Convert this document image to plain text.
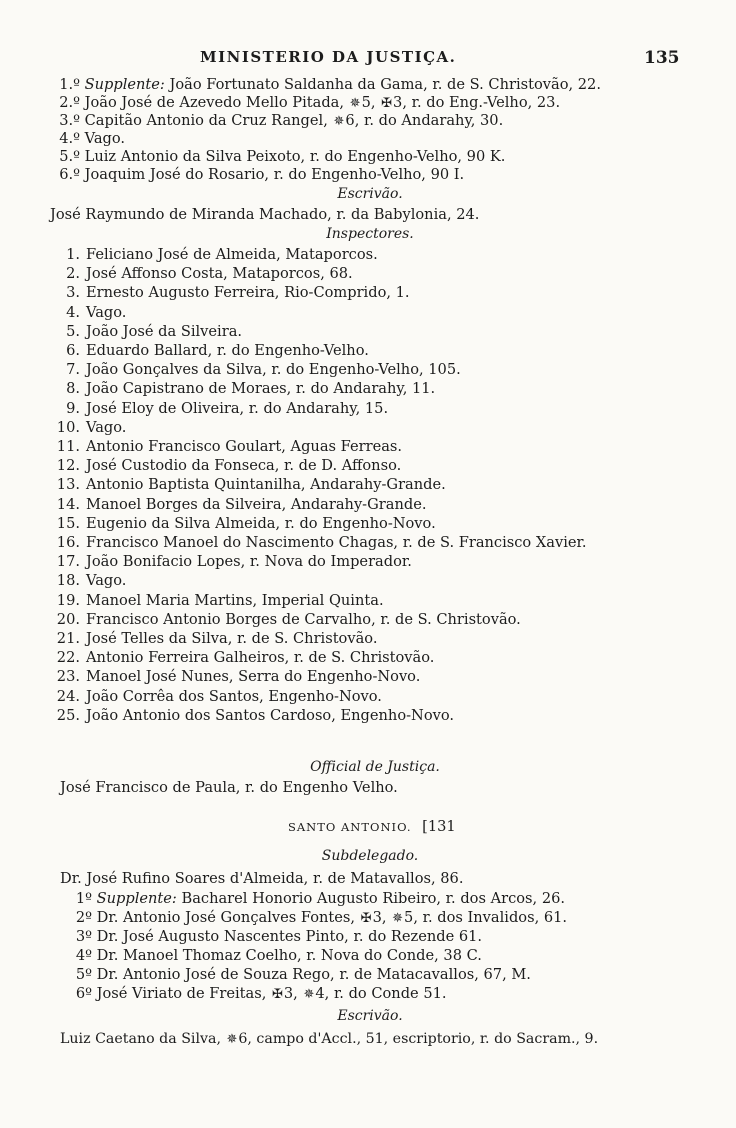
MINISTERIO DA JUSTIÇA.	135
1.º Supplente: João Fortunato Saldanha da Gama, r. de S. Christovão, 22.
2.º João José de Azevedo Mello Pitada, ✵5, ✠3, r. do Eng.-Velho, 23.
3.º Capitão Antonio da Cruz Rangel, ✵6, r. do Andarahy, 30.
4.º Vago.
5.º Luiz Antonio da Silva Peixoto, r. do Engenho-Velho, 90 K.
6.º Joaquim José do Rosario, r. do Engenho-Velho, 90 I.
Escrivão.
José Raymundo de Miranda Machado, r. da Babylonia, 24.
Inspectores.
1. Feliciano José de Almeida, Mataporcos.
2. José Affonso Costa, Mataporcos, 68.
3. Ernesto Augusto Ferreira, Rio-Comprido, 1.
4. Vago.
5. João José da Silveira.
6. Eduardo Ballard, r. do Engenho-Velho.
7. João Gonçalves da Silva, r. do Engenho-Velho, 105.
8. João Capistrano de Moraes, r. do Andarahy, 11.
9. José Eloy de Oliveira, r. do Andarahy, 15.
10. Vago.
11. Antonio Francisco Goulart, Aguas Ferreas.
12. José Custodio da Fonseca, r. de D. Affonso.
13. Antonio Baptista Quintanilha, Andarahy-Grande.
14. Manoel Borges da Silveira, Andarahy-Grande.
15. Eugenio da Silva Almeida, r. do Engenho-Novo.
16. Francisco Manoel do Nascimento Chagas, r. de S. Francisco Xavier.
17. João Bonifacio Lopes, r. Nova do Imperador.
18. Vago.
19. Manoel Maria Martins, Imperial Quinta.
20. Francisco Antonio Borges de Carvalho, r. de S. Christovão.
21. José Telles da Silva, r. de S. Christovão.
22. Antonio Ferreira Galheiros, r. de S. Christovão.
23. Manoel José Nunes, Serra do Engenho-Novo.
24. João Corrêa dos Santos, Engenho-Novo.
25. João Antonio dos Santos Cardoso, Engenho-Novo.
Official de Justiça.
José Francisco de Paula, r. do Engenho Velho.
SANTO ANTONIO. [131
Subdelegado.
Dr. José Rufino Soares d'Almeida, r. de Matavallos, 86.
1º Supplente: Bacharel Honorio Augusto Ribeiro, r. dos Arcos, 26.
2º Dr. Antonio José Gonçalves Fontes, ✠3, ✵5, r. dos Invalidos, 61.
3º Dr. José Augusto Nascentes Pinto, r. do Rezende 61.
4º Dr. Manoel Thomaz Coelho, r. Nova do Conde, 38 C.
5º Dr. Antonio José de Souza Rego, r. de Matacavallos, 67, M.
6º José Viriato de Freitas, ✠3, ✵4, r. do Conde 51.
Escrivão.
Luiz Caetano da Silva, ✵6, campo d'Accl., 51, escriptorio, r. do Sacram., 9.
